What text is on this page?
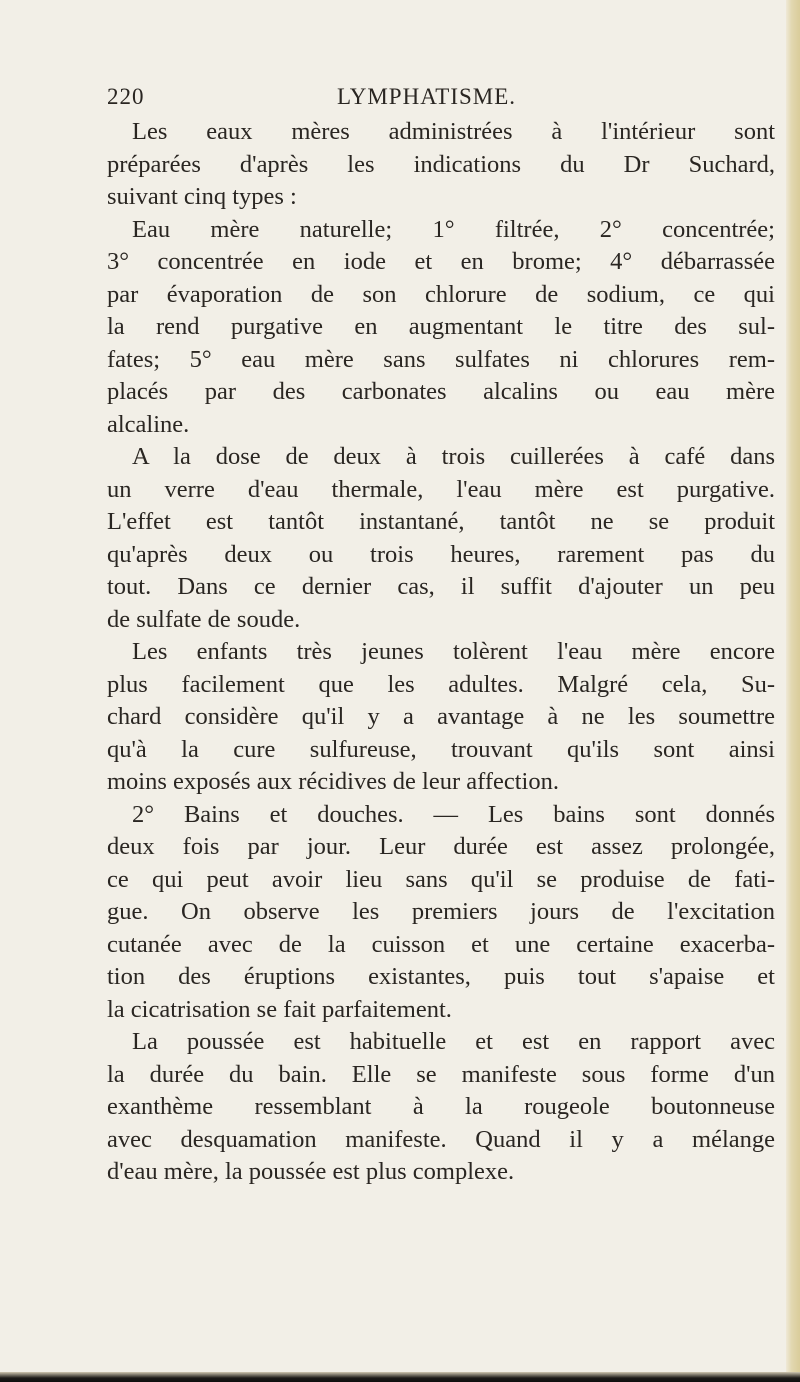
220	LYMPHATISME.
Les eaux mères administrées à l'intérieur sont
préparées d'après les indications du Dr Suchard,
suivant cinq types :
Eau mère naturelle; 1° filtrée, 2° concentrée;
3° concentrée en iode et en brome; 4° débarrassée
par évaporation de son chlorure de sodium, ce qui
la rend purgative en augmentant le titre des sul-
fates; 5° eau mère sans sulfates ni chlorures rem-
placés par des carbonates alcalins ou eau mère
alcaline.
A la dose de deux à trois cuillerées à café dans
un verre d'eau thermale, l'eau mère est purgative.
L'effet est tantôt instantané, tantôt ne se produit
qu'après deux ou trois heures, rarement pas du
tout. Dans ce dernier cas, il suffit d'ajouter un peu
de sulfate de soude.
Les enfants très jeunes tolèrent l'eau mère encore
plus facilement que les adultes. Malgré cela, Su-
chard considère qu'il y a avantage à ne les soumettre
qu'à la cure sulfureuse, trouvant qu'ils sont ainsi
moins exposés aux récidives de leur affection.
2° Bains et douches. — Les bains sont donnés
deux fois par jour. Leur durée est assez prolongée,
ce qui peut avoir lieu sans qu'il se produise de fati-
gue. On observe les premiers jours de l'excitation
cutanée avec de la cuisson et une certaine exacerba-
tion des éruptions existantes, puis tout s'apaise et
la cicatrisation se fait parfaitement.
La poussée est habituelle et est en rapport avec
la durée du bain. Elle se manifeste sous forme d'un
exanthème ressemblant à la rougeole boutonneuse
avec desquamation manifeste. Quand il y a mélange
d'eau mère, la poussée est plus complexe.
